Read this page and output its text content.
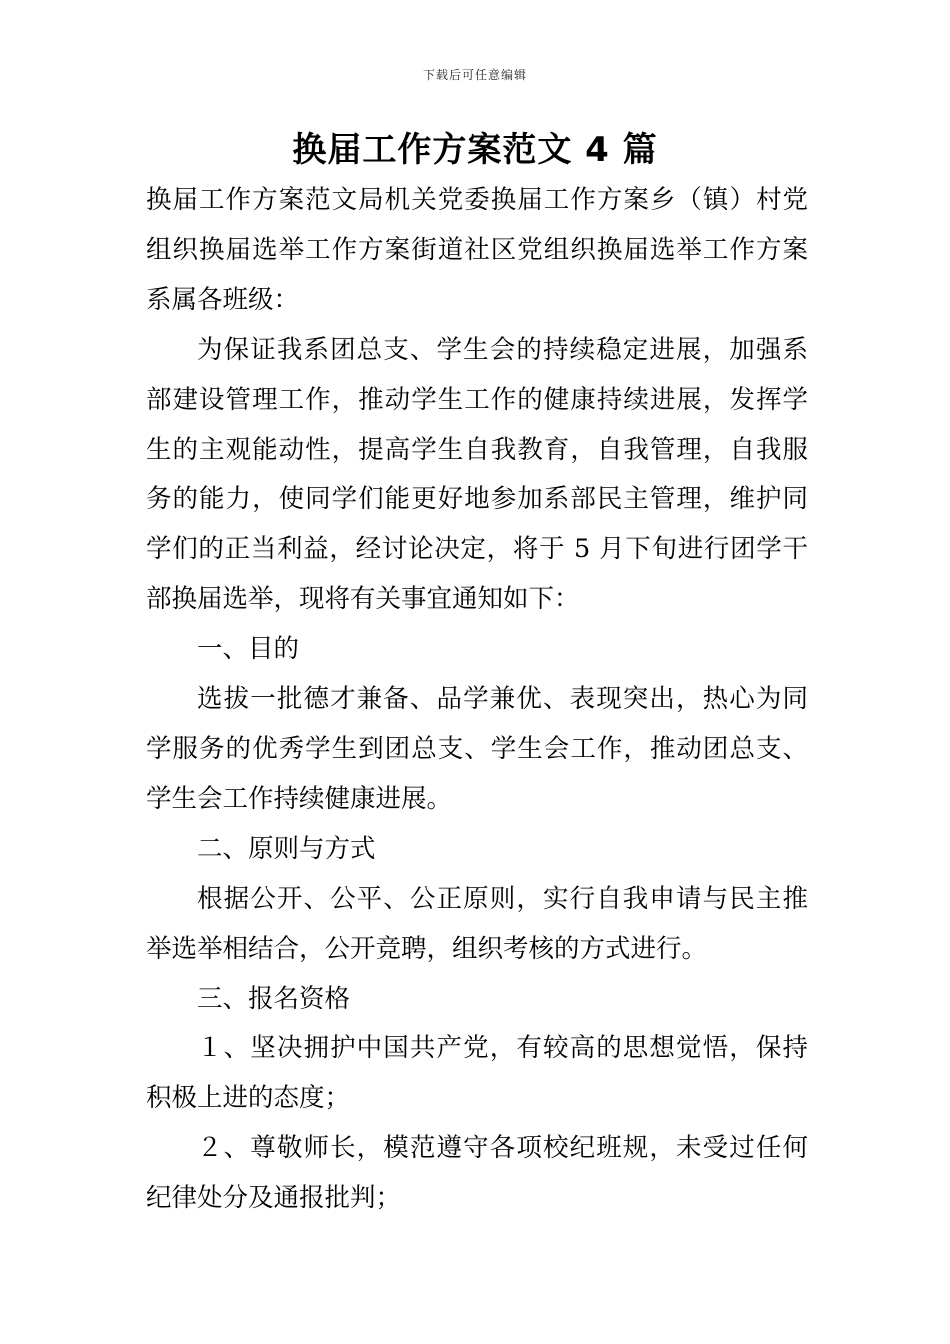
下载后可任意编辑
换届工作方案范文 4 篇

换届工作方案范文局机关党委换届工作方案乡（镇）村党组织换届选举工作方案街道社区党组织换届选举工作方案系属各班级：

为保证我系团总支、学生会的持续稳定进展，加强系部建设管理工作，推动学生工作的健康持续进展，发挥学生的主观能动性，提高学生自我教育，自我管理，自我服务的能力，使同学们能更好地参加系部民主管理，维护同学们的正当利益，经讨论决定，将于 5 月下旬进行团学干部换届选举，现将有关事宜通知如下：

一、目的

选拔一批德才兼备、品学兼优、表现突出，热心为同学服务的优秀学生到团总支、学生会工作，推动团总支、学生会工作持续健康进展。

二、原则与方式

根据公开、公平、公正原则，实行自我申请与民主推举选举相结合，公开竞聘，组织考核的方式进行。

三、报名资格

１、坚决拥护中国共产党，有较高的思想觉悟，保持积极上进的态度；

２、尊敬师长，模范遵守各项校纪班规，未受过任何纪律处分及通报批判；
